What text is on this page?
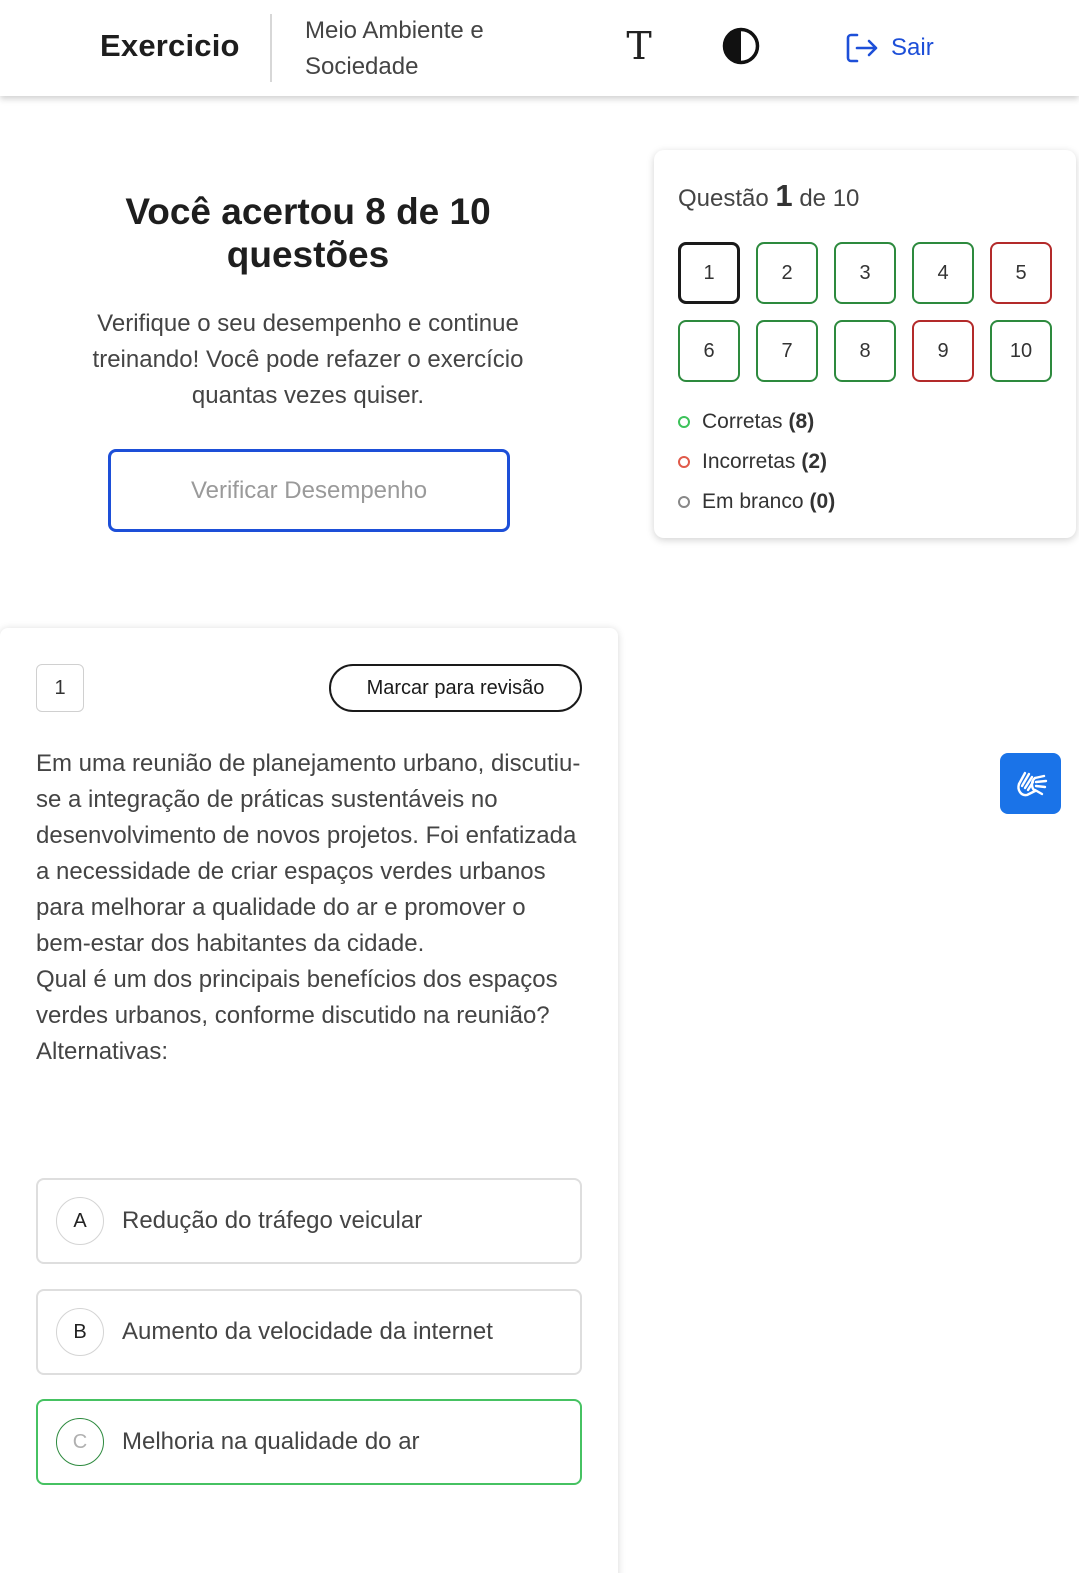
Exercicio	Meio Ambiente e Sociedade	T	Sair
Você acertou 8 de 10 questões

Verifique o seu desempenho e continue treinando! Você pode refazer o exercício quantas vezes quiser.

Verificar Desempenho
Questão 1 de 10
1	2	3	4	5
6	7	8	9	10
Corretas (8)
Incorretas (2)
Em branco (0)
1	Marcar para revisão

Em uma reunião de planejamento urbano, discutiu-se a integração de práticas sustentáveis no desenvolvimento de novos projetos. Foi enfatizada a necessidade de criar espaços verdes urbanos para melhorar a qualidade do ar e promover o bem-estar dos habitantes da cidade.

Qual é um dos principais benefícios dos espaços verdes urbanos, conforme discutido na reunião?

Alternativas:

A	Redução do tráfego veicular
B	Aumento da velocidade da internet
C	Melhoria na qualidade do ar
